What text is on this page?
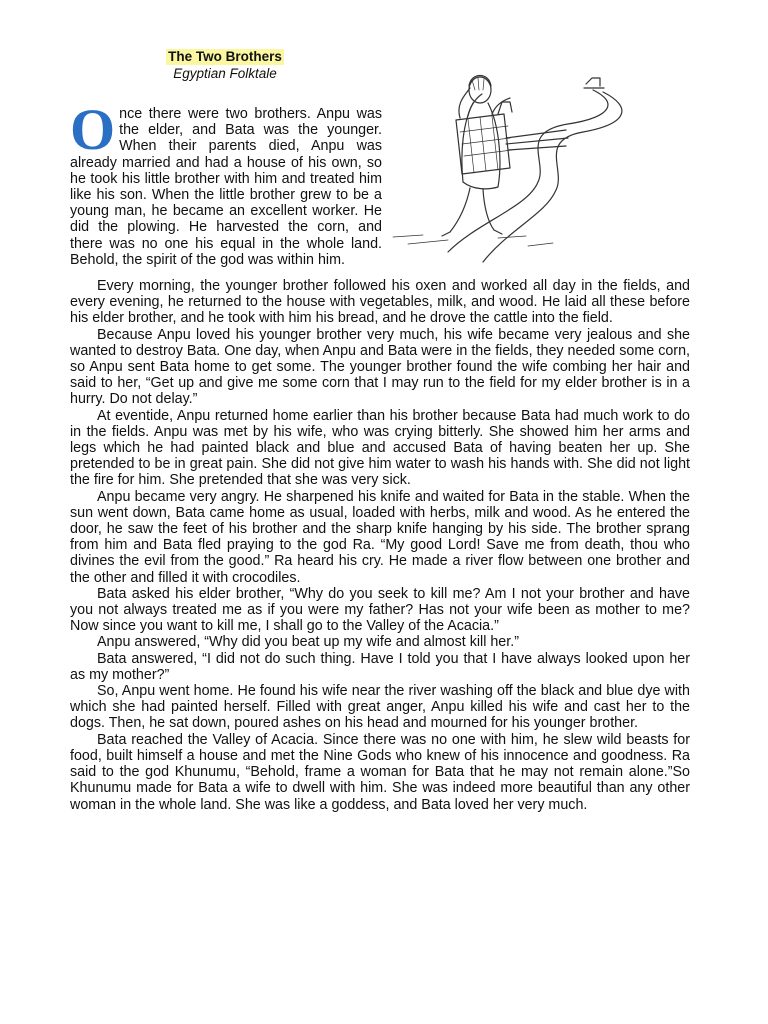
The Two Brothers
Egyptian Folktale
Once there were two brothers. Anpu was the elder, and Bata was the younger. When their parents died, Anpu was already married and had a house of his own, so he took his little brother with him and treated him like his son. When the little brother grew to be a young man, he became an excellent worker. He did the plowing. He harvested the corn, and there was no one his equal in the whole land. Behold, the spirit of the god was within him.

Every morning, the younger brother followed his oxen and worked all day in the fields, and every evening, he returned to the house with vegetables, milk, and wood. He laid all these before his elder brother, and he took with him his bread, and he drove the cattle into the field.

Because Anpu loved his younger brother very much, his wife became very jealous and she wanted to destroy Bata. One day, when Anpu and Bata were in the fields, they needed some corn, so Anpu sent Bata home to get some. The younger brother found the wife combing her hair and said to her, “Get up and give me some corn that I may run to the field for my elder brother is in a hurry. Do not delay.”

At eventide, Anpu returned home earlier than his brother because Bata had much work to do in the fields. Anpu was met by his wife, who was crying bitterly. She showed him her arms and legs which he had painted black and blue and accused Bata of having beaten her up. She pretended to be in great pain. She did not give him water to wash his hands with. She did not light the fire for him. She pretended that she was very sick.

Anpu became very angry. He sharpened his knife and waited for Bata in the stable. When the sun went down, Bata came home as usual, loaded with herbs, milk and wood. As he entered the door, he saw the feet of his brother and the sharp knife hanging by his side. The brother sprang from him and Bata fled praying to the god Ra. “My good Lord! Save me from death, thou who divines the evil from the good.” Ra heard his cry. He made a river flow between one brother and the other and filled it with crocodiles.

Bata asked his elder brother, “Why do you seek to kill me? Am I not your brother and have you not always treated me as if you were my father? Has not your wife been as mother to me? Now since you want to kill me, I shall go to the Valley of the Acacia.”

Anpu answered, “Why did you beat up my wife and almost kill her.”

Bata answered, “I did not do such thing. Have I told you that I have always looked upon her as my mother?”

So, Anpu went home. He found his wife near the river washing off the black and blue dye with which she had painted herself. Filled with great anger, Anpu killed his wife and cast her to the dogs. Then, he sat down, poured ashes on his head and mourned for his younger brother.

Bata reached the Valley of Acacia. Since there was no one with him, he slew wild beasts for food, built himself a house and met the Nine Gods who knew of his innocence and goodness. Ra said to the god Khunumu, “Behold, frame a woman for Bata that he may not remain alone.”So Khunumu made for Bata a wife to dwell with him. She was indeed more beautiful than any other woman in the whole land. She was like a goddess, and Bata loved her very much.
